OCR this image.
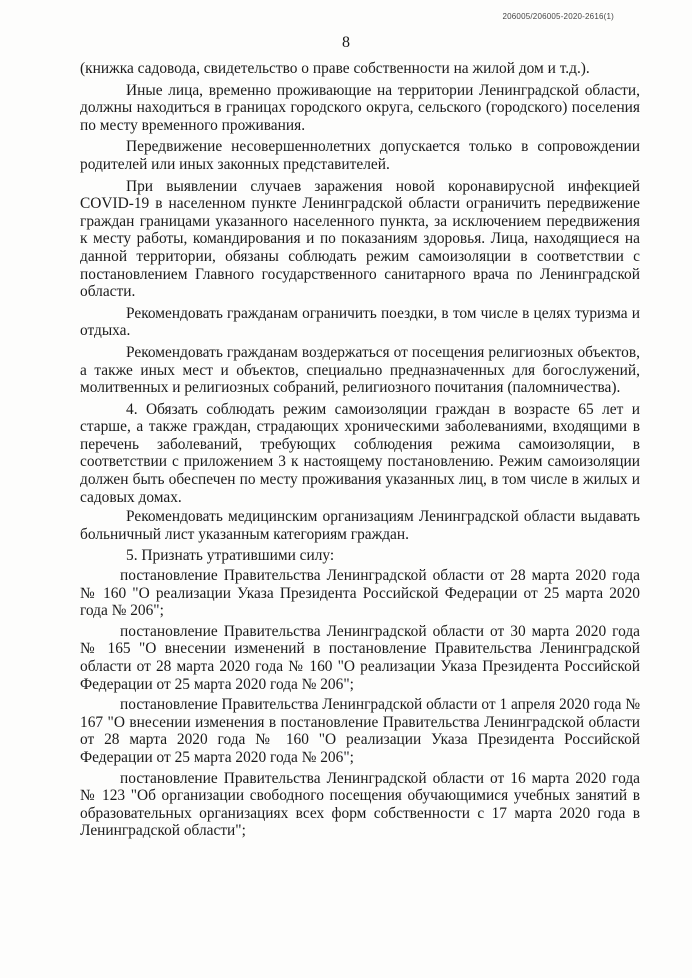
206005/206005-2020-2616(1)
8

(книжка садовода, свидетельство о праве собственности на жилой дом и т.д.).

Иные лица, временно проживающие на территории Ленинградской области, должны находиться в границах городского округа, сельского (городского) поселения по месту временного проживания.

Передвижение несовершеннолетних допускается только в сопровождении родителей или иных законных представителей.

При выявлении случаев заражения новой коронавирусной инфекцией COVID-19 в населенном пункте Ленинградской области ограничить передвижение граждан границами указанного населенного пункта, за исключением передвижения к месту работы, командирования и по показаниям здоровья. Лица, находящиеся на данной территории, обязаны соблюдать режим самоизоляции в соответствии с постановлением Главного государственного санитарного врача по Ленинградской области.

Рекомендовать гражданам ограничить поездки, в том числе в целях туризма и отдыха.

Рекомендовать гражданам воздержаться от посещения религиозных объектов, а также иных мест и объектов, специально предназначенных для богослужений, молитвенных и религиозных собраний, религиозного почитания (паломничества).

4. Обязать соблюдать режим самоизоляции граждан в возрасте 65 лет и старше, а также граждан, страдающих хроническими заболеваниями, входящими в перечень заболеваний, требующих соблюдения режима самоизоляции, в соответствии с приложением 3 к настоящему постановлению. Режим самоизоляции должен быть обеспечен по месту проживания указанных лиц, в том числе в жилых и садовых домах.

Рекомендовать медицинским организациям Ленинградской области выдавать больничный лист указанным категориям граждан.

5. Признать утратившими силу:

постановление Правительства Ленинградской области от 28 марта 2020 года № 160 "О реализации Указа Президента Российской Федерации от 25 марта 2020 года № 206";

постановление Правительства Ленинградской области от 30 марта 2020 года № 165 "О внесении изменений в постановление Правительства Ленинградской области от 28 марта 2020 года № 160 "О реализации Указа Президента Российской Федерации от 25 марта 2020 года № 206";

постановление Правительства Ленинградской области от 1 апреля 2020 года № 167 "О внесении изменения в постановление Правительства Ленинградской области от 28 марта 2020 года № 160 "О реализации Указа Президента Российской Федерации от 25 марта 2020 года № 206";

постановление Правительства Ленинградской области от 16 марта 2020 года № 123 "Об организации свободного посещения обучающимися учебных занятий в образовательных организациях всех форм собственности с 17 марта 2020 года в Ленинградской области";
